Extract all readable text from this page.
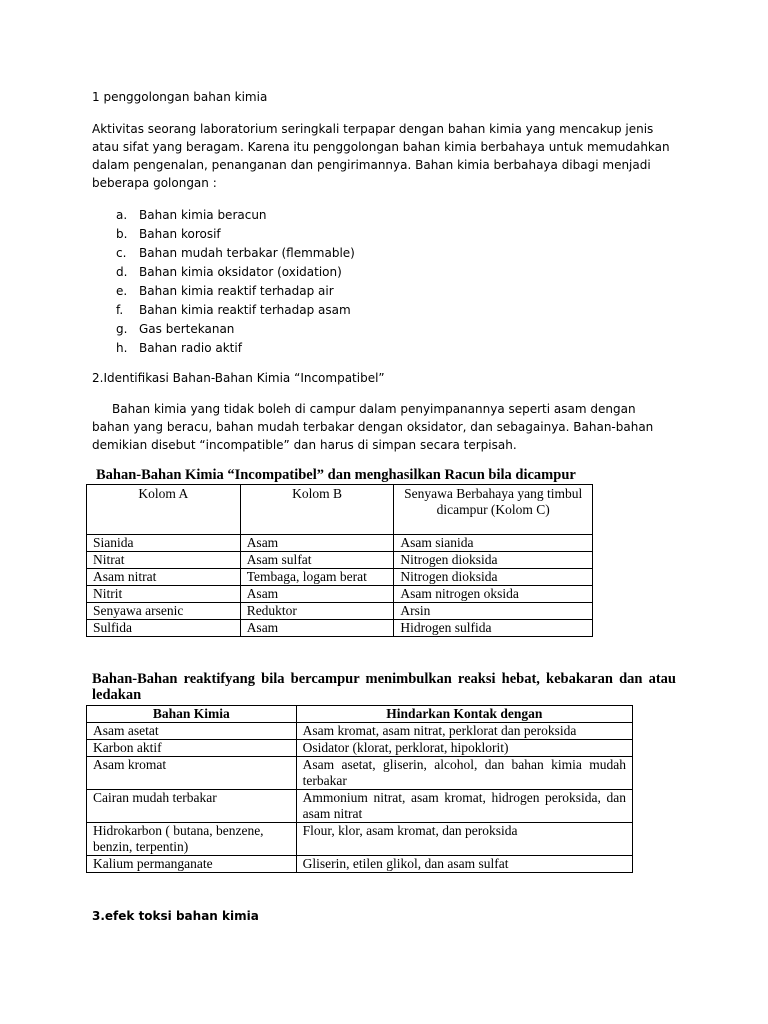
1 penggolongan bahan kimia

Aktivitas seorang laboratorium seringkali terpapar dengan bahan kimia yang mencakup jenis atau sifat yang beragam. Karena itu penggolongan bahan kimia berbahaya untuk memudahkan dalam pengenalan, penanganan dan pengirimannya. Bahan kimia berbahaya dibagi menjadi beberapa golongan :

a. Bahan kimia beracun
b. Bahan korosif
c.	Bahan mudah terbakar (flemmable)
d. Bahan kimia oksidator (oxidation)
e. Bahan kimia reaktif terhadap air
f.	Bahan kimia reaktif terhadap asam
g. Gas bertekanan
h. Bahan radio aktif
2.Identifikasi Bahan-Bahan Kimia “Incompatibel”
Bahan kimia yang tidak boleh di campur dalam penyimpanannya seperti asam dengan bahan yang beracu, bahan mudah terbakar dengan oksidator, dan sebagainya. Bahan-bahan demikian disebut “incompatible” dan harus di simpan secara terpisah.
Bahan-Bahan Kimia “Incompatibel” dan menghasilkan Racun bila dicampur
Kolom A	Kolom B	Senyawa Berbahaya yang timbul dicampur (Kolom C)
Sianida	Asam	Asam sianida
Nitrat	Asam sulfat	Nitrogen dioksida
Asam nitrat	Tembaga, logam berat	Nitrogen dioksida
Nitrit	Asam	Asam nitrogen oksida
Senyawa arsenic	Reduktor	Arsin
Sulfida	Asam	Hidrogen sulfida
Bahan-Bahan reaktifyang bila bercampur menimbulkan reaksi hebat, kebakaran dan atau ledakan
Bahan Kimia	Hindarkan Kontak dengan
Asam asetat	Asam kromat, asam nitrat, perklorat dan peroksida
Karbon aktif	Osidator (klorat, perklorat, hipoklorit)
Asam kromat	Asam asetat, gliserin, alcohol, dan bahan kimia mudah terbakar
Cairan mudah terbakar	Ammonium nitrat, asam kromat, hidrogen peroksida, dan asam nitrat
Hidrokarbon ( butana, benzene, benzin, terpentin)	Flour, klor, asam kromat, dan peroksida
Kalium permanganate	Gliserin, etilen glikol, dan asam sulfat
3.efek toksi bahan kimia
